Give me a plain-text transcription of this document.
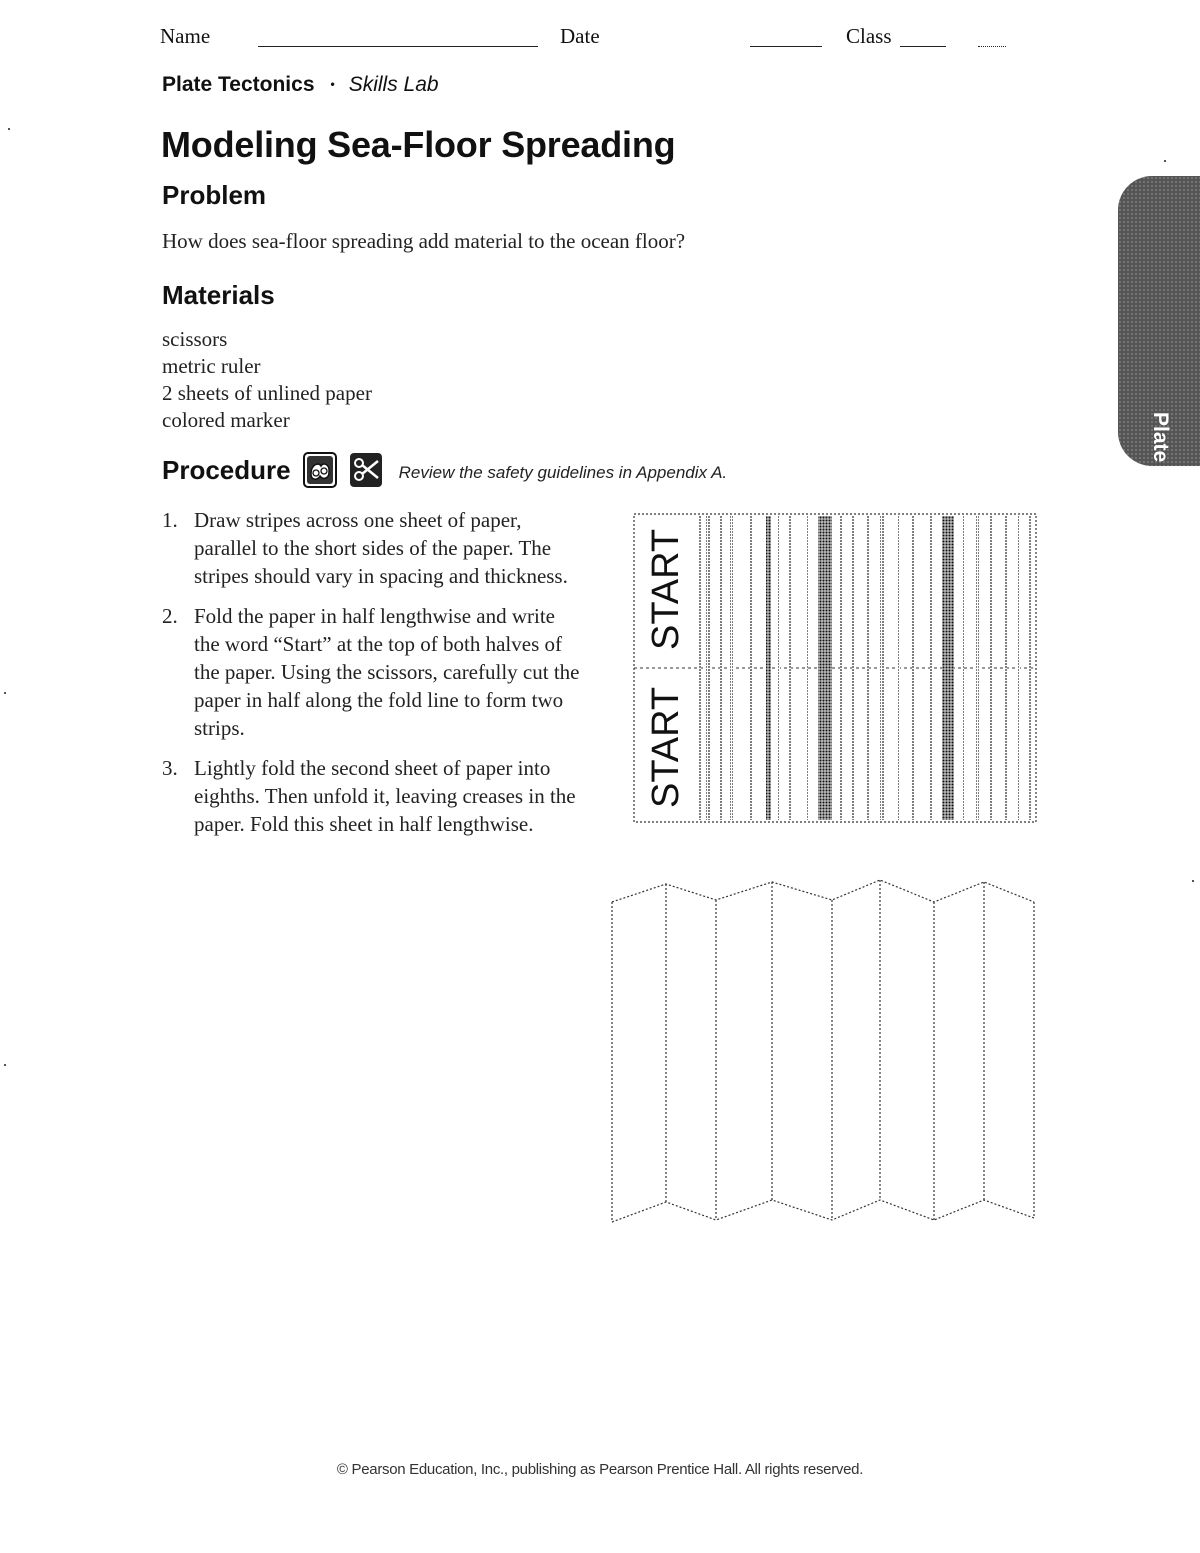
Name	Date	Class
Plate Tectonics • Skills Lab
Modeling Sea-Floor Spreading
Problem
How does sea-floor spreading add material to the ocean floor?
Materials
scissors
metric ruler
2 sheets of unlined paper
colored marker
Procedure	Review the safety guidelines in Appendix A.
1. Draw stripes across one sheet of paper, parallel to the short sides of the paper. The stripes should vary in spacing and thickness.
2. Fold the paper in half lengthwise and write the word “Start” at the top of both halves of the paper. Using the scissors, carefully cut the paper in half along the fold line to form two strips.
3. Lightly fold the second sheet of paper into eighths. Then unfold it, leaving creases in the paper. Fold this sheet in half lengthwise.
START
START
Plate Tectonics
© Pearson Education, Inc., publishing as Pearson Prentice Hall. All rights reserved.
